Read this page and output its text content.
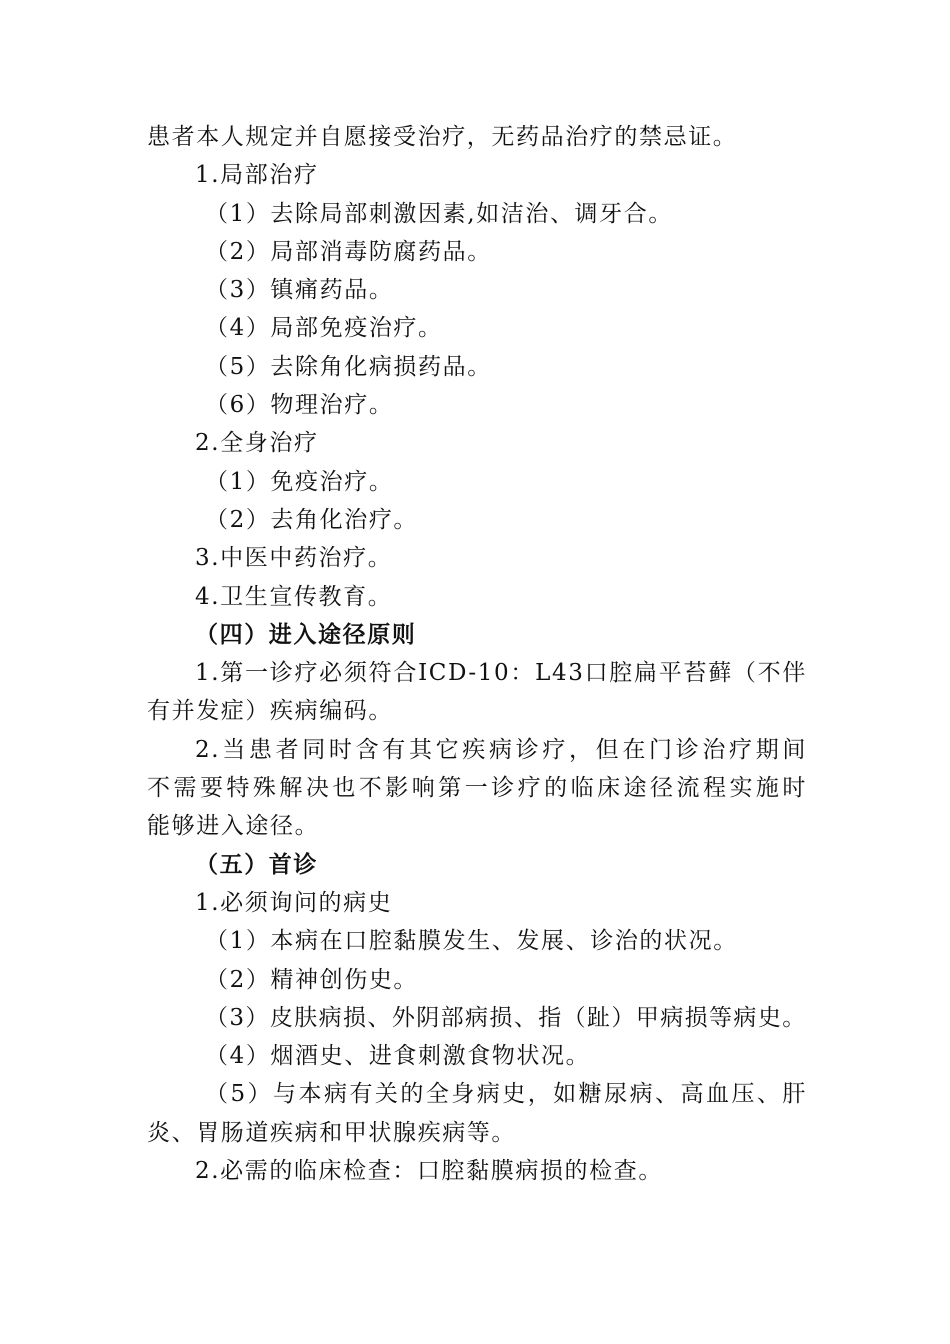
患者本人规定并自愿接受治疗，无药品治疗的禁忌证。
1.局部治疗
（1）去除局部刺激因素,如洁治、调牙合。
（2）局部消毒防腐药品。
（3）镇痛药品。
（4）局部免疫治疗。
（5）去除角化病损药品。
（6）物理治疗。
2.全身治疗
（1）免疫治疗。
（2）去角化治疗。
3.中医中药治疗。
4.卫生宣传教育。
（四）进入途径原则
1.第一诊疗必须符合ICD-10：L43口腔扁平苔藓（不伴
有并发症）疾病编码。
2.当患者同时含有其它疾病诊疗，但在门诊治疗期间
不需要特殊解决也不影响第一诊疗的临床途径流程实施时
能够进入途径。
（五）首诊
1.必须询问的病史
（1）本病在口腔黏膜发生、发展、诊治的状况。
（2）精神创伤史。
（3）皮肤病损、外阴部病损、指（趾）甲病损等病史。
（4）烟酒史、进食刺激食物状况。
（5）与本病有关的全身病史，如糖尿病、高血压、肝
炎、胃肠道疾病和甲状腺疾病等。
2.必需的临床检查：口腔黏膜病损的检查。
